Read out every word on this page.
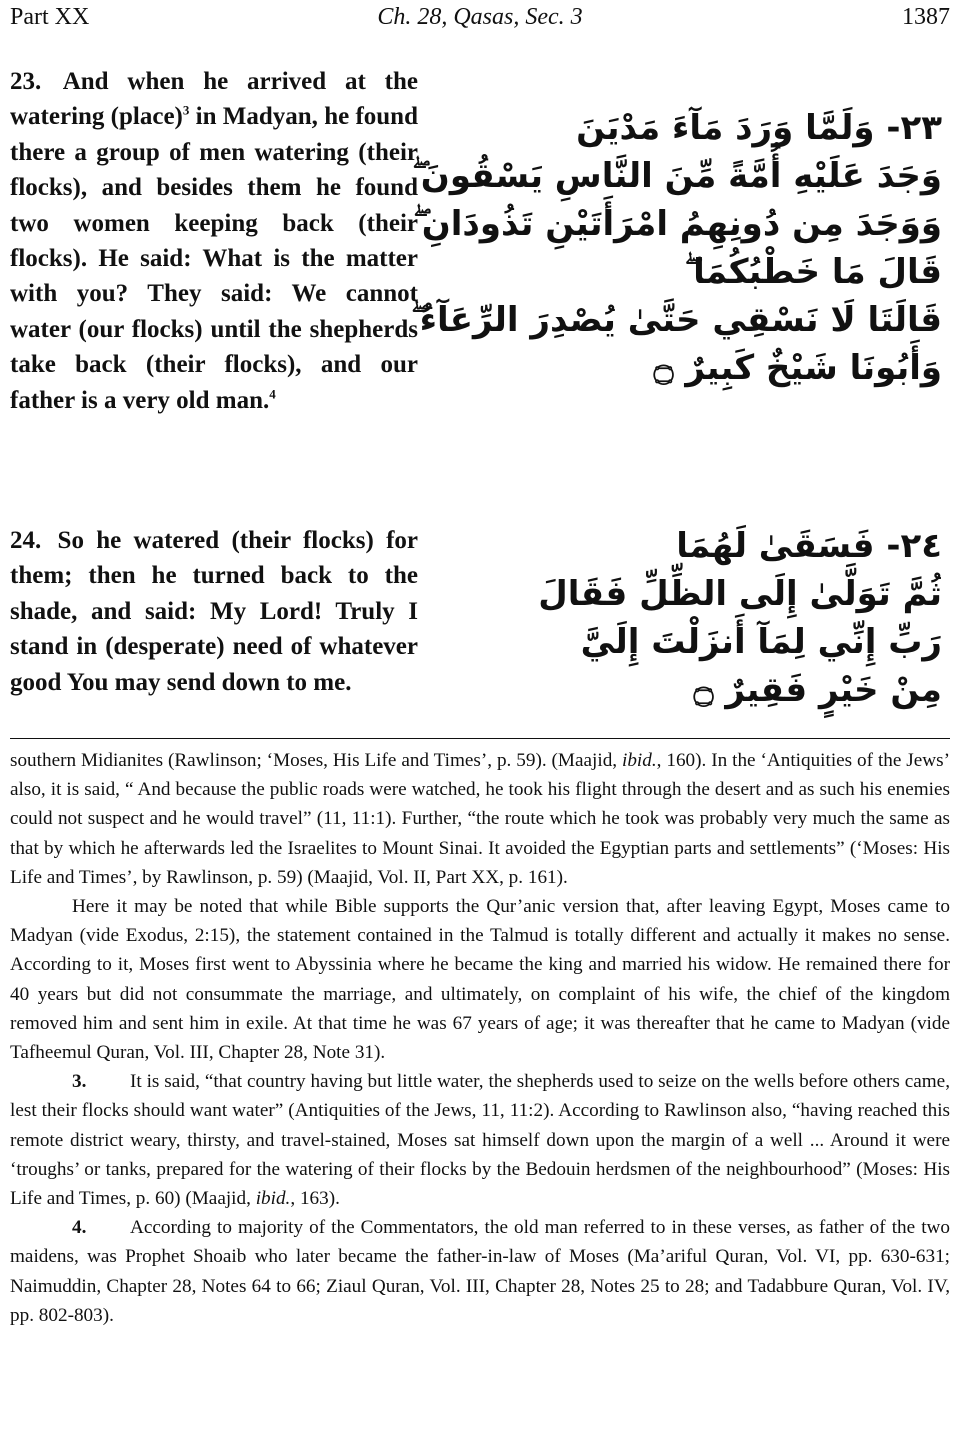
Part XX	Ch. 28, Qasas, Sec. 3	1387
23. And when he arrived at the watering (place)$^3$ in Madyan, he found there a group of men watering (their flocks), and besides them he found two women keeping back (their flocks). He said: What is the matter with you? They said: We cannot water (our flocks) until the shepherds take back (their flocks), and our father is a very old man.$^4$
٢٣- وَلَمَّا وَرَدَ مَآءَ مَدْيَنَ
وَجَدَ عَلَيْهِ أُمَّةً مِّنَ النَّاسِ يَسْقُونَ ۖ
وَوَجَدَ مِن دُونِهِمُ امْرَأَتَيْنِ تَذُودَانِ ۖ
قَالَ مَا خَطْبُكُمَا ۖ
قَالَتَا لَا نَسْقِي حَتَّىٰ يُصْدِرَ الرِّعَآءُ ۖ
وَأَبُونَا شَيْخٌ كَبِيرٌ ۝
24. So he watered (their flocks) for them; then he turned back to the shade, and said: My Lord! Truly I stand in (desperate) need of whatever good You may send down to me.
٢٤- فَسَقَىٰ لَهُمَا
ثُمَّ تَوَلَّىٰ إِلَى الظِّلِّ فَقَالَ
رَبِّ إِنِّي لِمَآ أَنزَلْتَ إِلَيَّ
مِنْ خَيْرٍ فَقِيرٌ ۝

southern Midianites (Rawlinson; ‘Moses, His Life and Times’, p. 59). (Maajid, ibid., 160). In the ‘Antiquities of the Jews’ also, it is said, “ And because the public roads were watched, he took his flight through the desert and as such his enemies could not suspect and he would travel” (11, 11:1). Further, “the route which he took was probably very much the same as that by which he afterwards led the Israelites to Mount Sinai. It avoided the Egyptian parts and settlements” (‘Moses: His Life and Times’, by Rawlinson, p. 59) (Maajid, Vol. II, Part XX, p. 161).

Here it may be noted that while Bible supports the Qur’anic version that, after leaving Egypt, Moses came to Madyan (vide Exodus, 2:15), the statement contained in the Talmud is totally different and actually it makes no sense. According to it, Moses first went to Abyssinia where he became the king and married his widow. He remained there for 40 years but did not consummate the marriage, and ultimately, on complaint of his wife, the chief of the kingdom removed him and sent him in exile. At that time he was 67 years of age; it was thereafter that he came to Madyan (vide Tafheemul Quran, Vol. III, Chapter 28, Note 31).

3. It is said, “that country having but little water, the shepherds used to seize on the wells before others came, lest their flocks should want water” (Antiquities of the Jews, 11, 11:2). According to Rawlinson also, “having reached this remote district weary, thirsty, and travel-stained, Moses sat himself down upon the margin of a well ... Around it were ‘troughs’ or tanks, prepared for the watering of their flocks by the Bedouin herdsmen of the neighbourhood” (Moses: His Life and Times, p. 60) (Maajid, ibid., 163).

4. According to majority of the Commentators, the old man referred to in these verses, as father of the two maidens, was Prophet Shoaib who later became the father-in-law of Moses (Ma’ariful Quran, Vol. VI, pp. 630-631; Naimuddin, Chapter 28, Notes 64 to 66; Ziaul Quran, Vol. III, Chapter 28, Notes 25 to 28; and Tadabbure Quran, Vol. IV, pp. 802-803).
